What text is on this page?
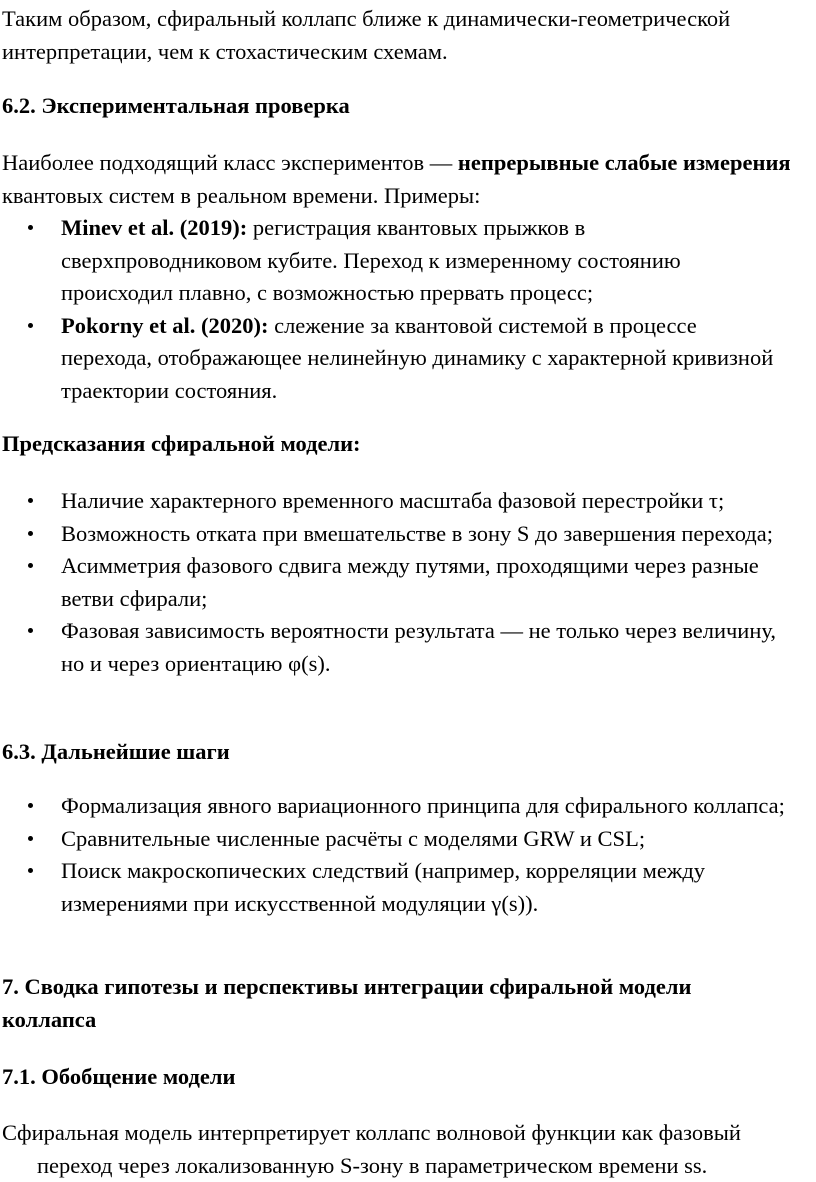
Таким образом, сфиральный коллапс ближе к динамически-геометрической интерпретации, чем к стохастическим схемам.
6.2. Экспериментальная проверка
Наиболее подходящий класс экспериментов — непрерывные слабые измерения квантовых систем в реальном времени. Примеры:
Minev et al. (2019): регистрация квантовых прыжков в сверхпроводниковом кубите. Переход к измеренному состоянию происходил плавно, с возможностью прервать процесс;
Pokorny et al. (2020): слежение за квантовой системой в процессе перехода, отображающее нелинейную динамику с характерной кривизной траектории состояния.
Предсказания сфиральной модели:
Наличие характерного временного масштаба фазовой перестройки τ;
Возможность отката при вмешательстве в зону S до завершения перехода;
Асимметрия фазового сдвига между путями, проходящими через разные ветви сфирали;
Фазовая зависимость вероятности результата — не только через величину, но и через ориентацию φ(s).
6.3. Дальнейшие шаги
Формализация явного вариационного принципа для сфирального коллапса;
Сравнительные численные расчёты с моделями GRW и CSL;
Поиск макроскопических следствий (например, корреляции между измерениями при искусственной модуляции γ(s)).
7. Сводка гипотезы и перспективы интеграции сфиральной модели коллапса
7.1. Обобщение модели
Сфиральная модель интерпретирует коллапс волновой функции как фазовый
переход через локализованную S-зону в параметрическом времени ss.
